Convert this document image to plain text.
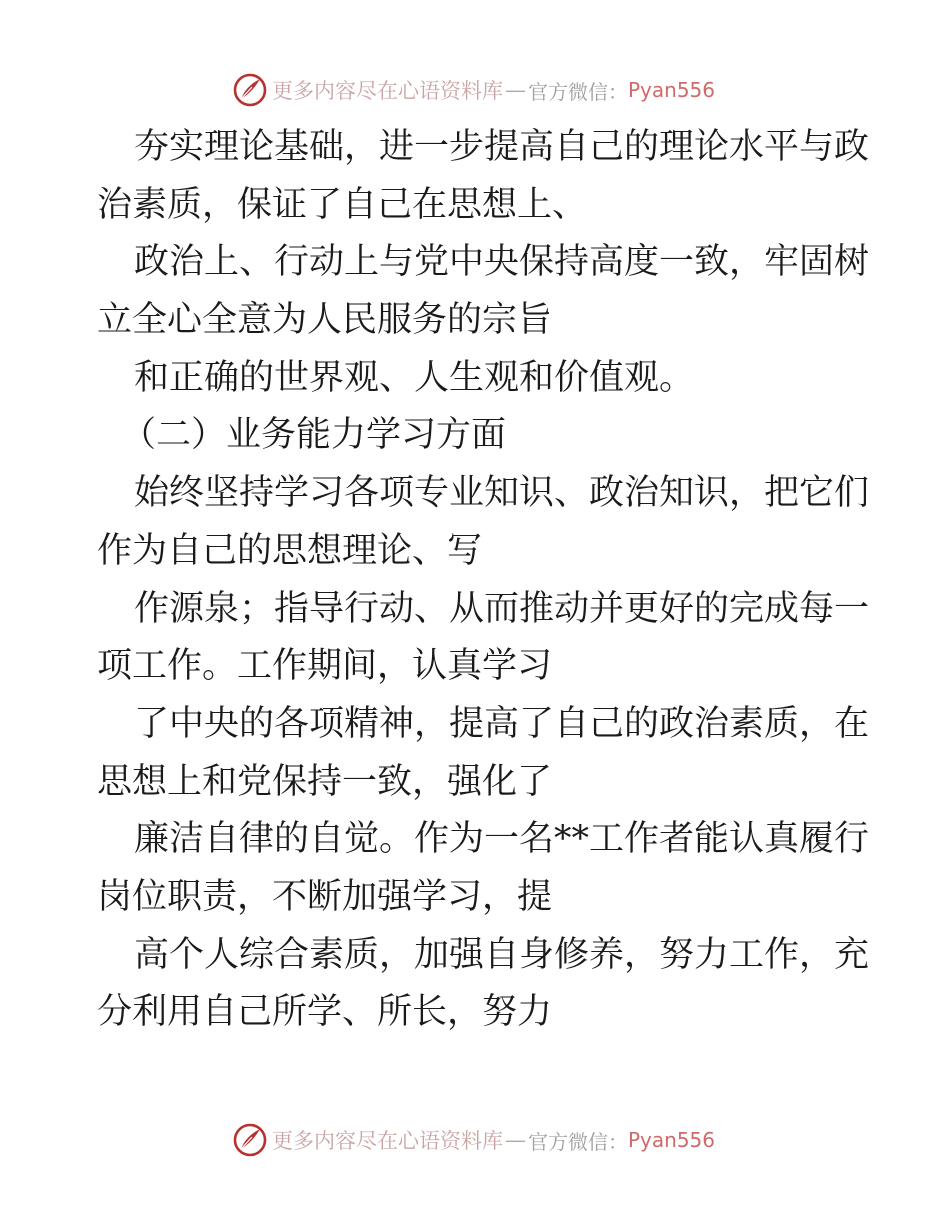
更多内容尽在心语资料库 — 官方微信： Pyan556
夯实理论基础，进一步提高自己的理论水平与政
治素质，保证了自己在思想上、
政治上、行动上与党中央保持高度一致，牢固树
立全心全意为人民服务的宗旨
和正确的世界观、人生观和价值观。
（二）业务能力学习方面
始终坚持学习各项专业知识、政治知识，把它们
作为自己的思想理论、写
作源泉；指导行动、从而推动并更好的完成每一
项工作。工作期间，认真学习
了中央的各项精神，提高了自己的政治素质，在
思想上和党保持一致，强化了
廉洁自律的自觉。作为一名**工作者能认真履行
岗位职责，不断加强学习，提
高个人综合素质，加强自身修养，努力工作，充
分利用自己所学、所长，努力
更多内容尽在心语资料库 — 官方微信： Pyan556
